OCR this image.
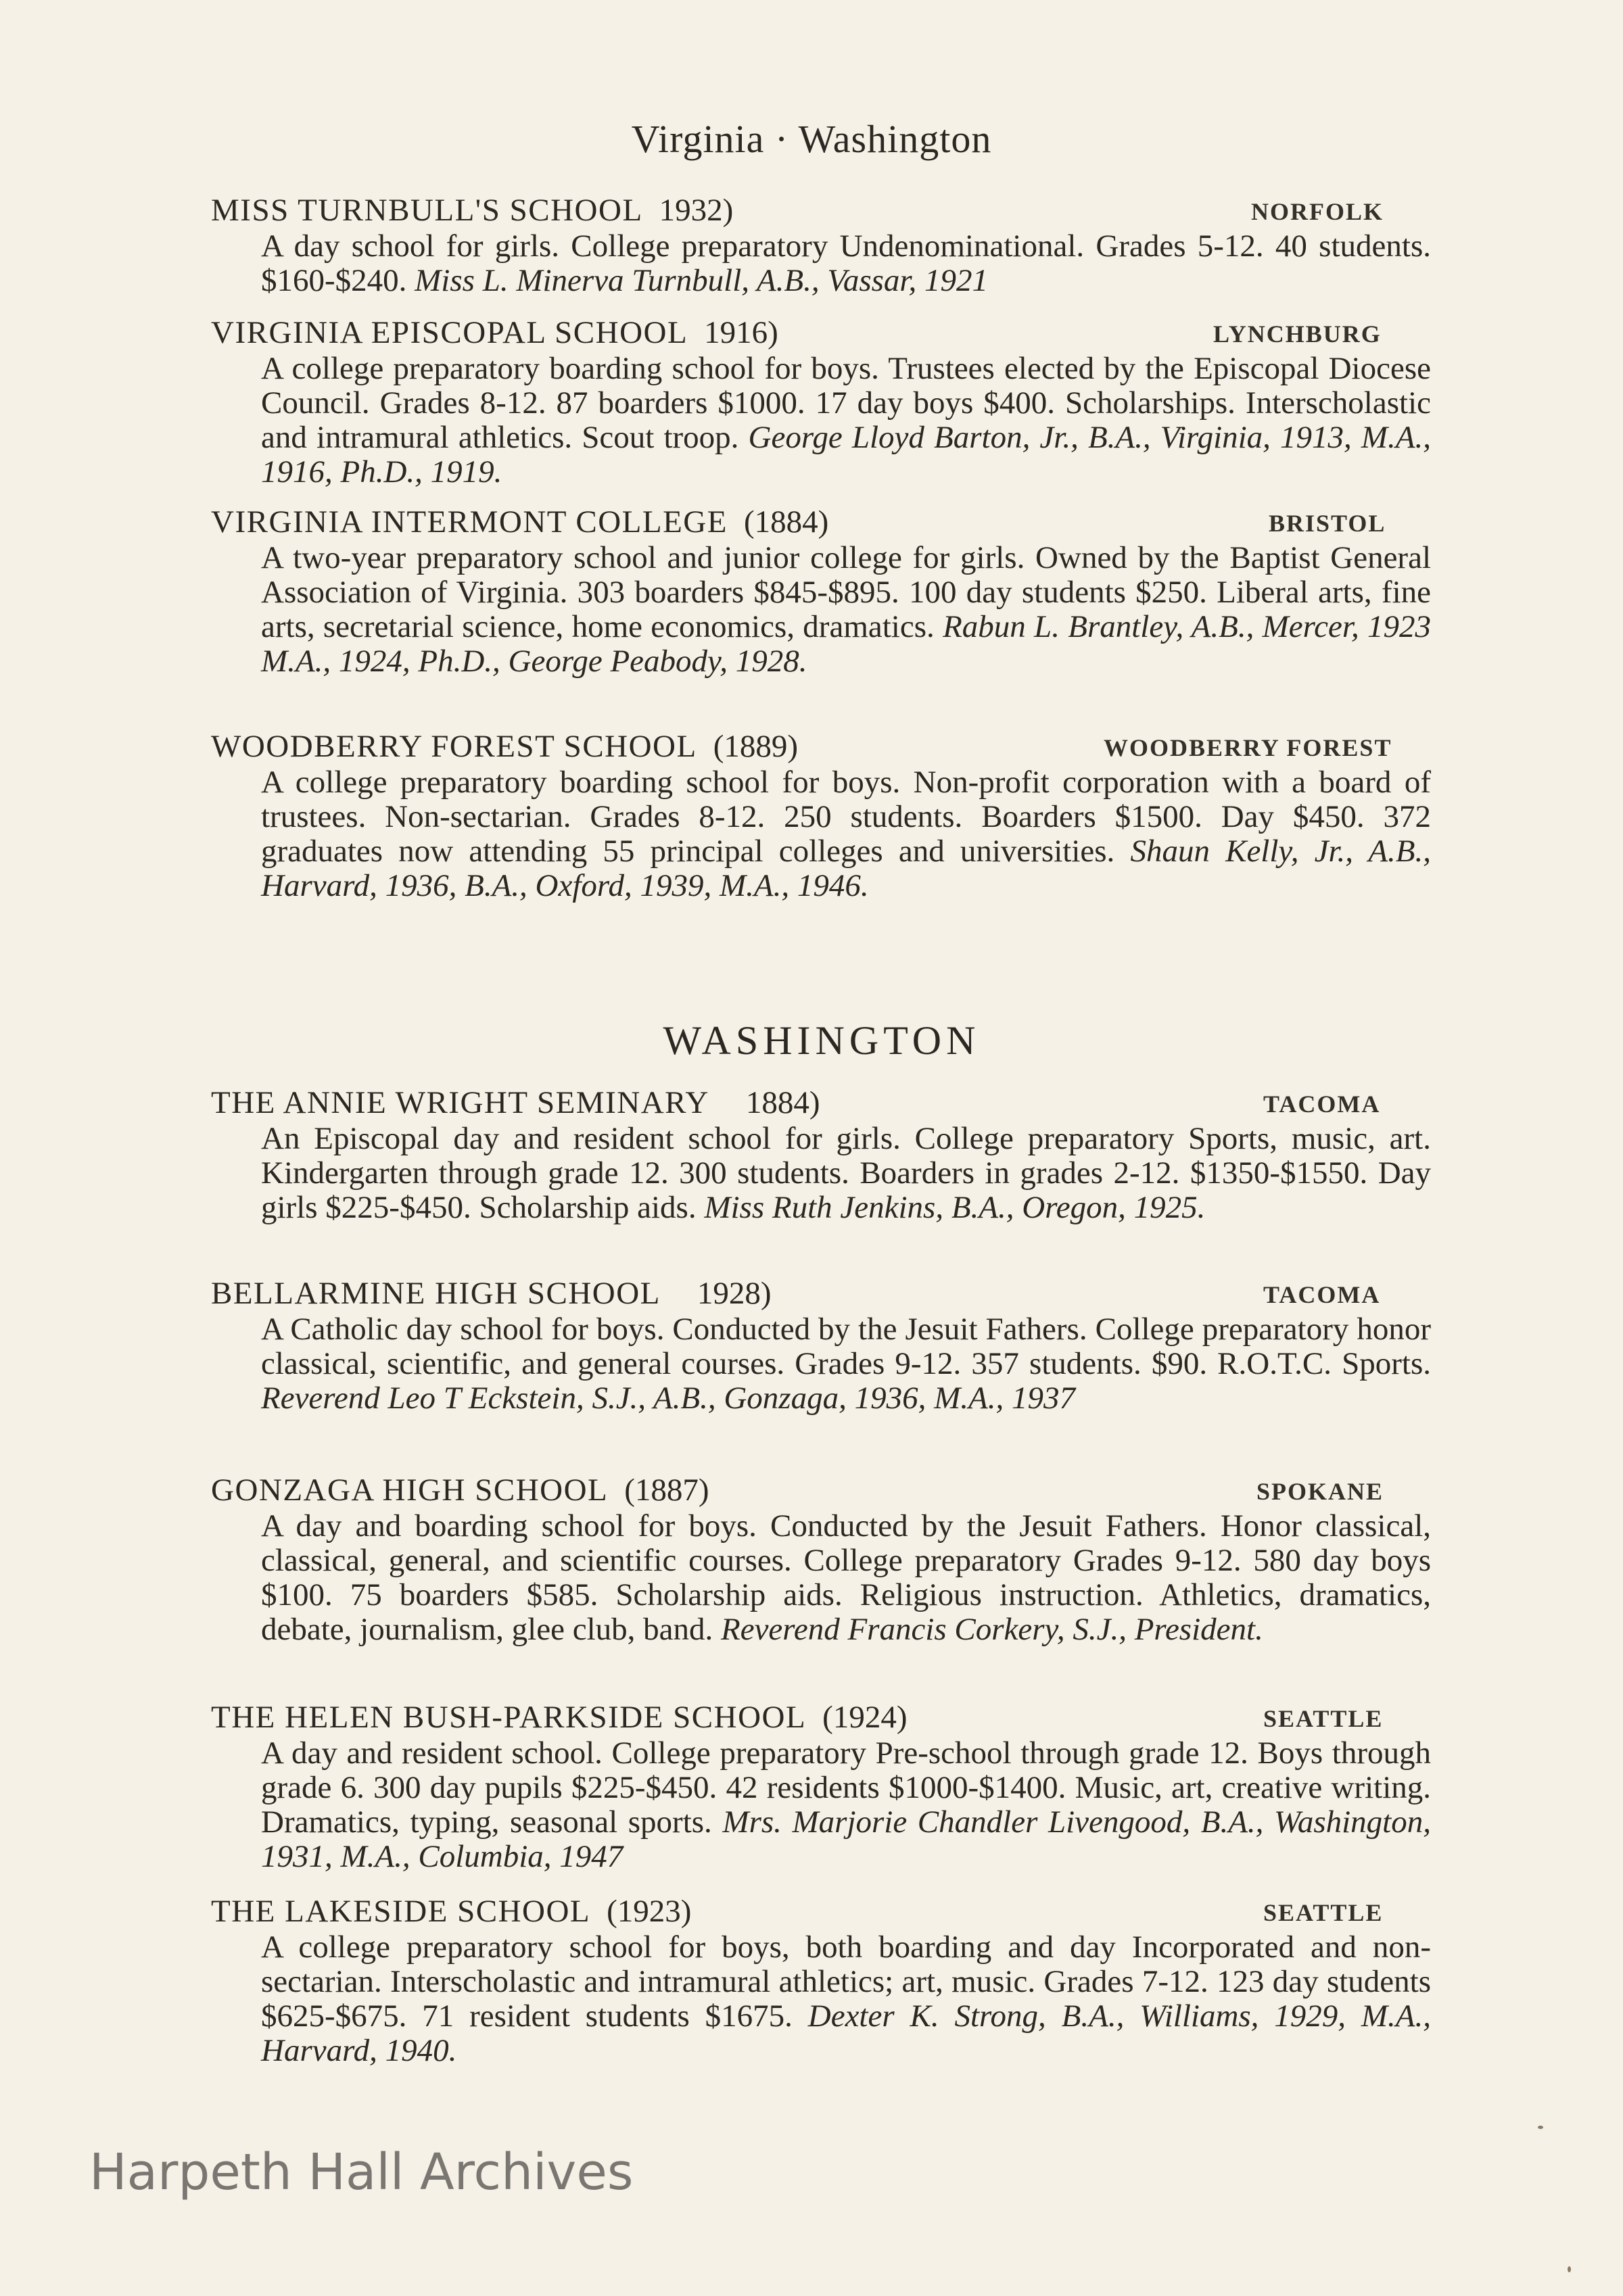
Virginia · Washington
MISS TURNBULL'S SCHOOL 1932)	NORFOLK
A day school for girls. College preparatory Undenominational. Grades 5-12. 40 students. $160-$240. Miss L. Minerva Turnbull, A.B., Vassar, 1921
VIRGINIA EPISCOPAL SCHOOL 1916)	LYNCHBURG
A college preparatory boarding school for boys. Trustees elected by the Episcopal Diocese Council. Grades 8-12. 87 boarders $1000. 17 day boys $400. Scholarships. Interscholastic and intramural athletics. Scout troop. George Lloyd Barton, Jr., B.A., Virginia, 1913, M.A., 1916, Ph.D., 1919.
VIRGINIA INTERMONT COLLEGE (1884)	BRISTOL
A two-year preparatory school and junior college for girls. Owned by the Baptist General Association of Virginia. 303 boarders $845-$895. 100 day students $250. Liberal arts, fine arts, secretarial science, home economics, dramatics. Rabun L. Brantley, A.B., Mercer, 1923 M.A., 1924, Ph.D., George Peabody, 1928.
WOODBERRY FOREST SCHOOL (1889)	WOODBERRY FOREST
A college preparatory boarding school for boys. Non-profit corporation with a board of trustees. Non-sectarian. Grades 8-12. 250 students. Boarders $1500. Day $450. 372 graduates now attending 55 principal colleges and universities. Shaun Kelly, Jr., A.B., Harvard, 1936, B.A., Oxford, 1939, M.A., 1946.
WASHINGTON
THE ANNIE WRIGHT SEMINARY 1884)	TACOMA
An Episcopal day and resident school for girls. College preparatory Sports, music, art. Kindergarten through grade 12. 300 students. Boarders in grades 2-12. $1350-$1550. Day girls $225-$450. Scholarship aids. Miss Ruth Jenkins, B.A., Oregon, 1925.
BELLARMINE HIGH SCHOOL 1928)	TACOMA
A Catholic day school for boys. Conducted by the Jesuit Fathers. College preparatory honor classical, scientific, and general courses. Grades 9-12. 357 students. $90. R.O.T.C. Sports. Reverend Leo T Eckstein, S.J., A.B., Gonzaga, 1936, M.A., 1937
GONZAGA HIGH SCHOOL (1887)	SPOKANE
A day and boarding school for boys. Conducted by the Jesuit Fathers. Honor classical, classical, general, and scientific courses. College preparatory Grades 9-12. 580 day boys $100. 75 boarders $585. Scholarship aids. Religious instruction. Athletics, dramatics, debate, journalism, glee club, band. Reverend Francis Corkery, S.J., President.
THE HELEN BUSH-PARKSIDE SCHOOL (1924)	SEATTLE
A day and resident school. College preparatory Pre-school through grade 12. Boys through grade 6. 300 day pupils $225-$450. 42 residents $1000-$1400. Music, art, creative writing. Dramatics, typing, seasonal sports. Mrs. Marjorie Chandler Livengood, B.A., Washington, 1931, M.A., Columbia, 1947
THE LAKESIDE SCHOOL (1923)	SEATTLE
A college preparatory school for boys, both boarding and day Incorporated and non-sectarian. Interscholastic and intramural athletics; art, music. Grades 7-12. 123 day students $625-$675. 71 resident students $1675. Dexter K. Strong, B.A., Williams, 1929, M.A., Harvard, 1940.
Harpeth Hall Archives
